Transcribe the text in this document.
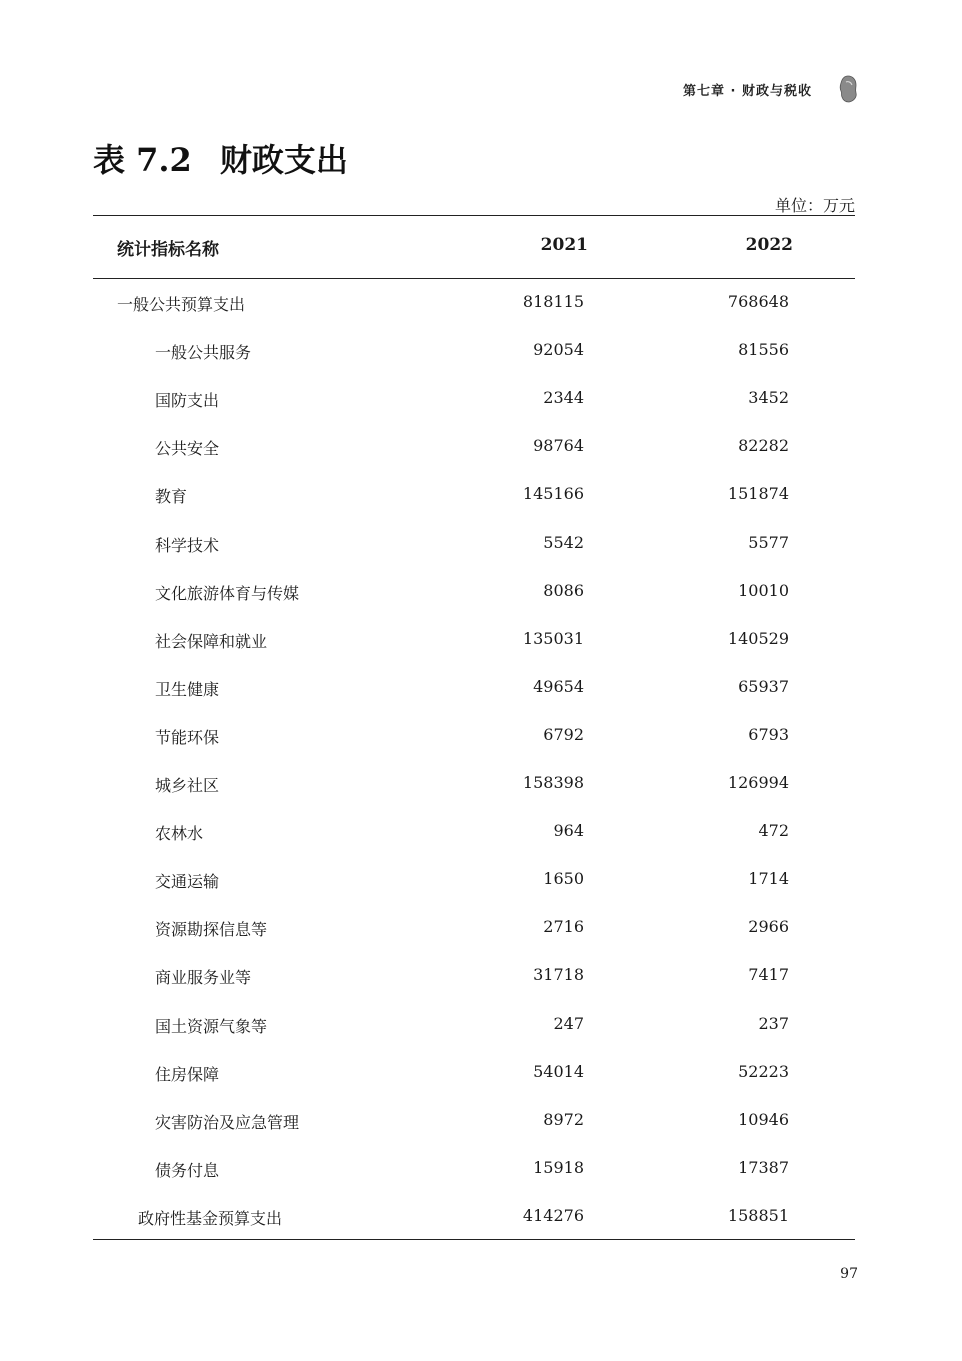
第七章 · 财政与税收
表 7.2 财政支出
单位：万元
统计指标名称	2021	2022
一般公共预算支出	818115	768648
一般公共服务	92054	81556
国防支出	2344	3452
公共安全	98764	82282
教育	145166	151874
科学技术	5542	5577
文化旅游体育与传媒	8086	10010
社会保障和就业	135031	140529
卫生健康	49654	65937
节能环保	6792	6793
城乡社区	158398	126994
农林水	964	472
交通运输	1650	1714
资源勘探信息等	2716	2966
商业服务业等	31718	7417
国土资源气象等	247	237
住房保障	54014	52223
灾害防治及应急管理	8972	10946
债务付息	15918	17387
政府性基金预算支出	414276	158851
97
